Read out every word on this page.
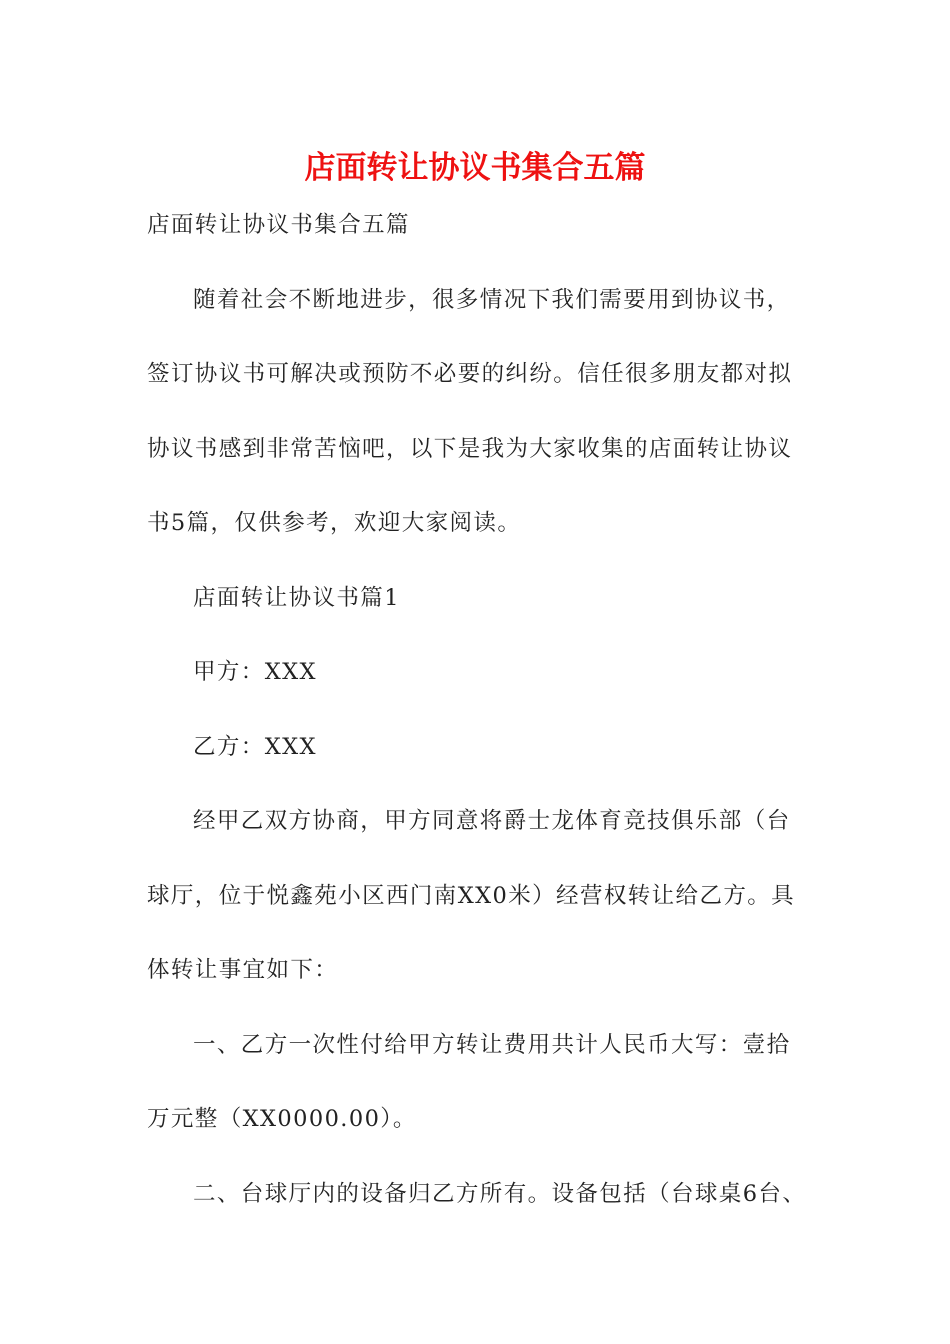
店面转让协议书集合五篇
店面转让协议书集合五篇
随着社会不断地进步，很多情况下我们需要用到协议书，
签订协议书可解决或预防不必要的纠纷。信任很多朋友都对拟
协议书感到非常苦恼吧，以下是我为大家收集的店面转让协议
书5篇，仅供参考，欢迎大家阅读。
店面转让协议书篇1
甲方：XXX
乙方：XXX
经甲乙双方协商，甲方同意将爵士龙体育竞技俱乐部（台
球厅，位于悦鑫苑小区西门南XX0米）经营权转让给乙方。具
体转让事宜如下：
一、乙方一次性付给甲方转让费用共计人民币大写：壹拾
万元整（XX0000.00）。
二、台球厅内的设备归乙方所有。设备包括（台球桌6台、
